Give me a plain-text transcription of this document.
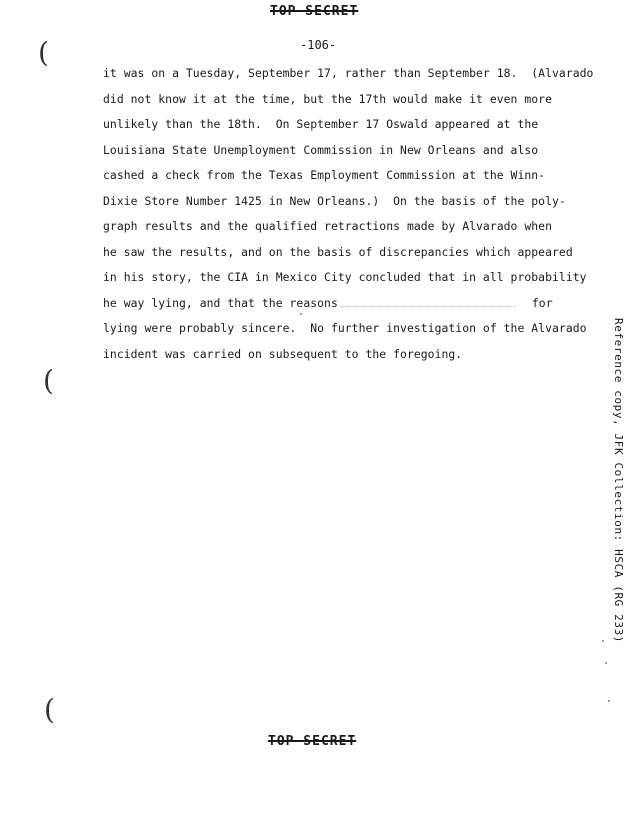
TOP SECRET
-106-
(
(
(
it was on a Tuesday, September 17, rather than September 18.  (Alvarado
did not know it at the time, but the 17th would make it even more
unlikely than the 18th.  On September 17 Oswald appeared at the
Louisiana State Unemployment Commission in New Orleans and also
cashed a check from the Texas Employment Commission at the Winn-
Dixie Store Number 1425 in New Orleans.)  On the basis of the poly-
graph results and the qualified retractions made by Alvarado when
he saw the results, and on the basis of discrepancies which appeared
in his story, the CIA in Mexico City concluded that in all probability
he way lying, and that the reasons	for
lying were probably sincere.  No further investigation of the Alvarado
incident was carried on subsequent to the foregoing.
TOP SECRET
Reference copy, JFK Collection: HSCA (RG 233)
